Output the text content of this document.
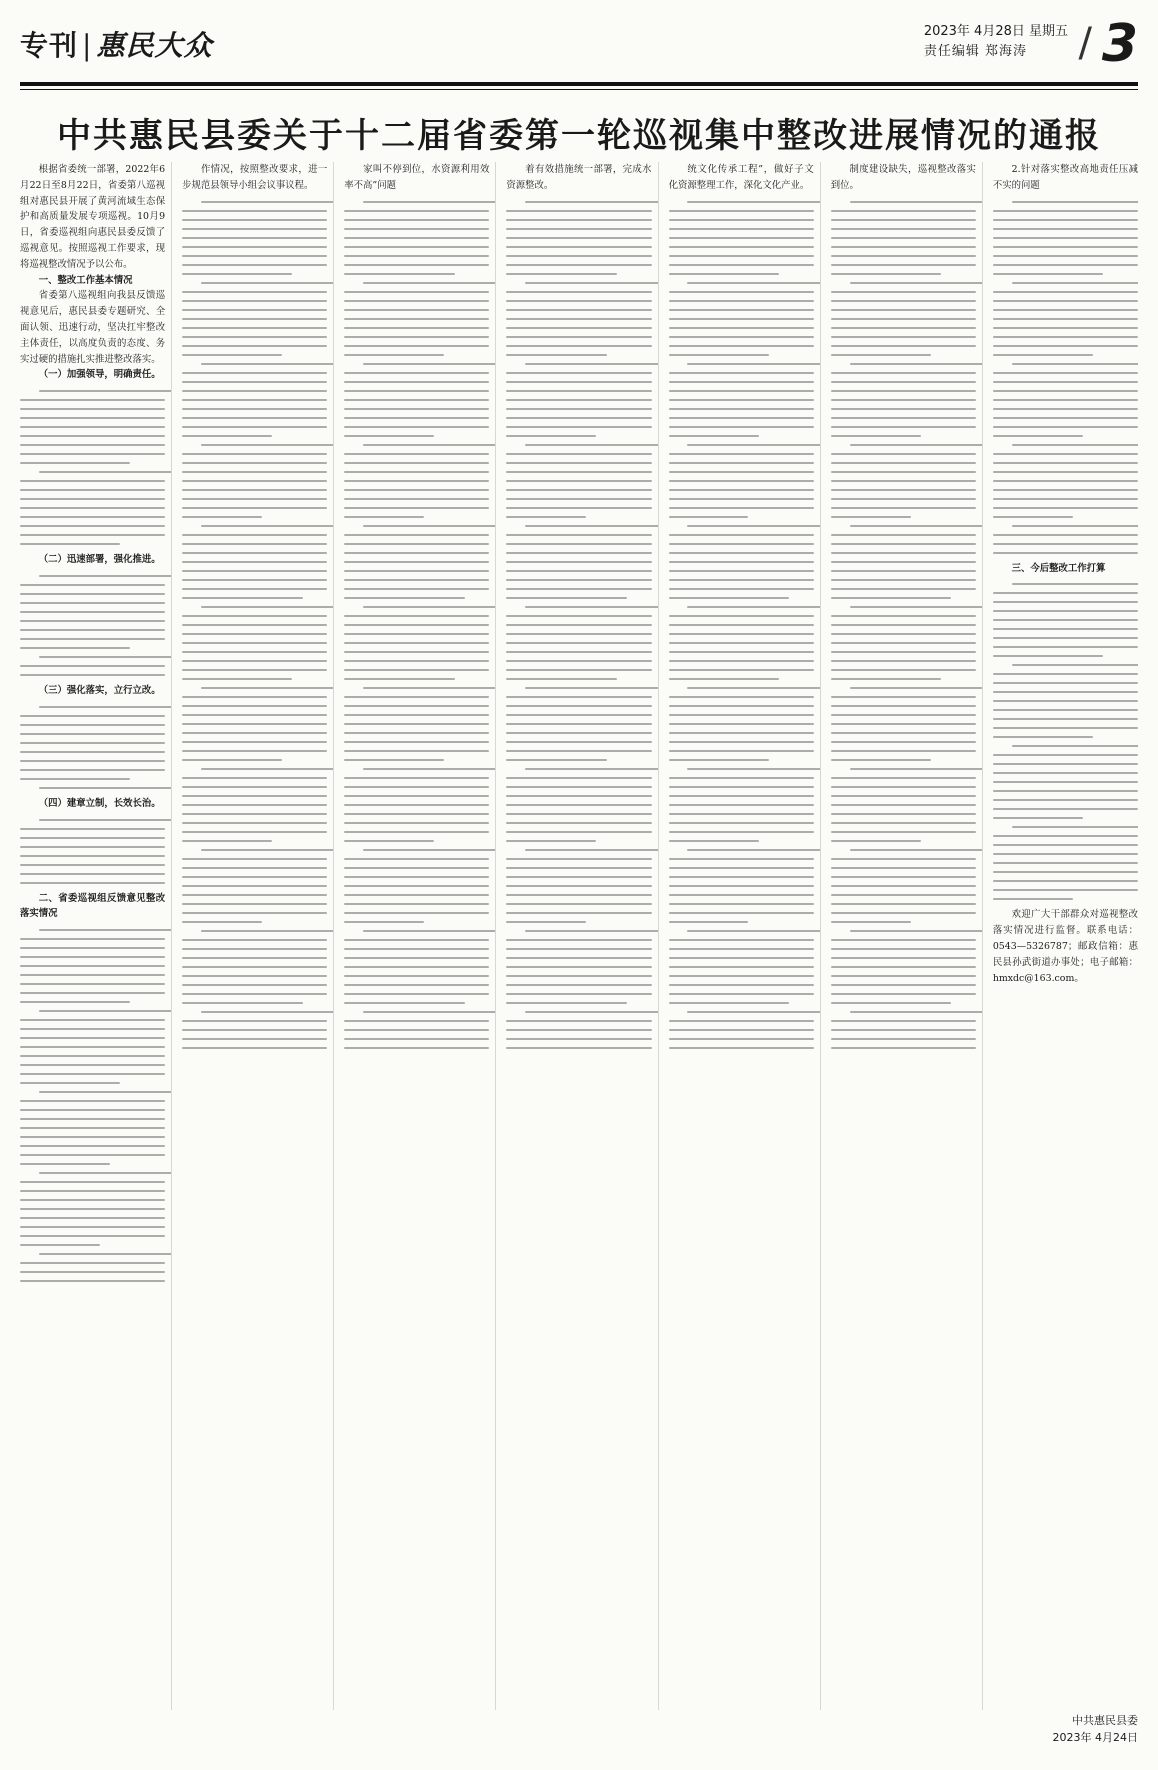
专刊 | 惠民大众	2023年 4月28日 星期五
责任编辑 郑海涛	/ 3
中共惠民县委关于十二届省委第一轮巡视集中整改进展情况的通报

根据省委统一部署，2022年6月22日至8月22日，省委第八巡视组对惠民县开展了黄河流域生态保护和高质量发展专项巡视。10月9日，省委巡视组向惠民县委反馈了巡视意见。按照巡视工作要求，现将巡视整改情况予以公布。

一、整改工作基本情况

省委第八巡视组向我县反馈巡视意见后，惠民县委专题研究、全面认领、迅速行动，坚决扛牢整改主体责任，以高度负责的态度、务实过硬的措施扎实推进整改落实。

（一）加强领导，明确责任。

（二）迅速部署，强化推进。

（三）强化落实，立行立改。

（四）建章立制，长效长治。

二、省委巡视组反馈意见整改落实情况

作情况，按照整改要求，进一步规范县领导小组会议事议程。

家叫不停到位，水资源利用效率不高”问题

着有效措施统一部署，完成水资源整改。

统文化传承工程”，做好子文化资源整理工作，深化文化产业。

制度建设缺失，巡视整改落实到位。

2.针对落实整改高地责任压减不实的问题

三、今后整改工作打算

欢迎广大干部群众对巡视整改落实情况进行监督。联系电话：0543—5326787；邮政信箱：惠民县孙武街道办事处；电子邮箱：hmxdc@163.com。

中共惠民县委
2023年 4月24日
